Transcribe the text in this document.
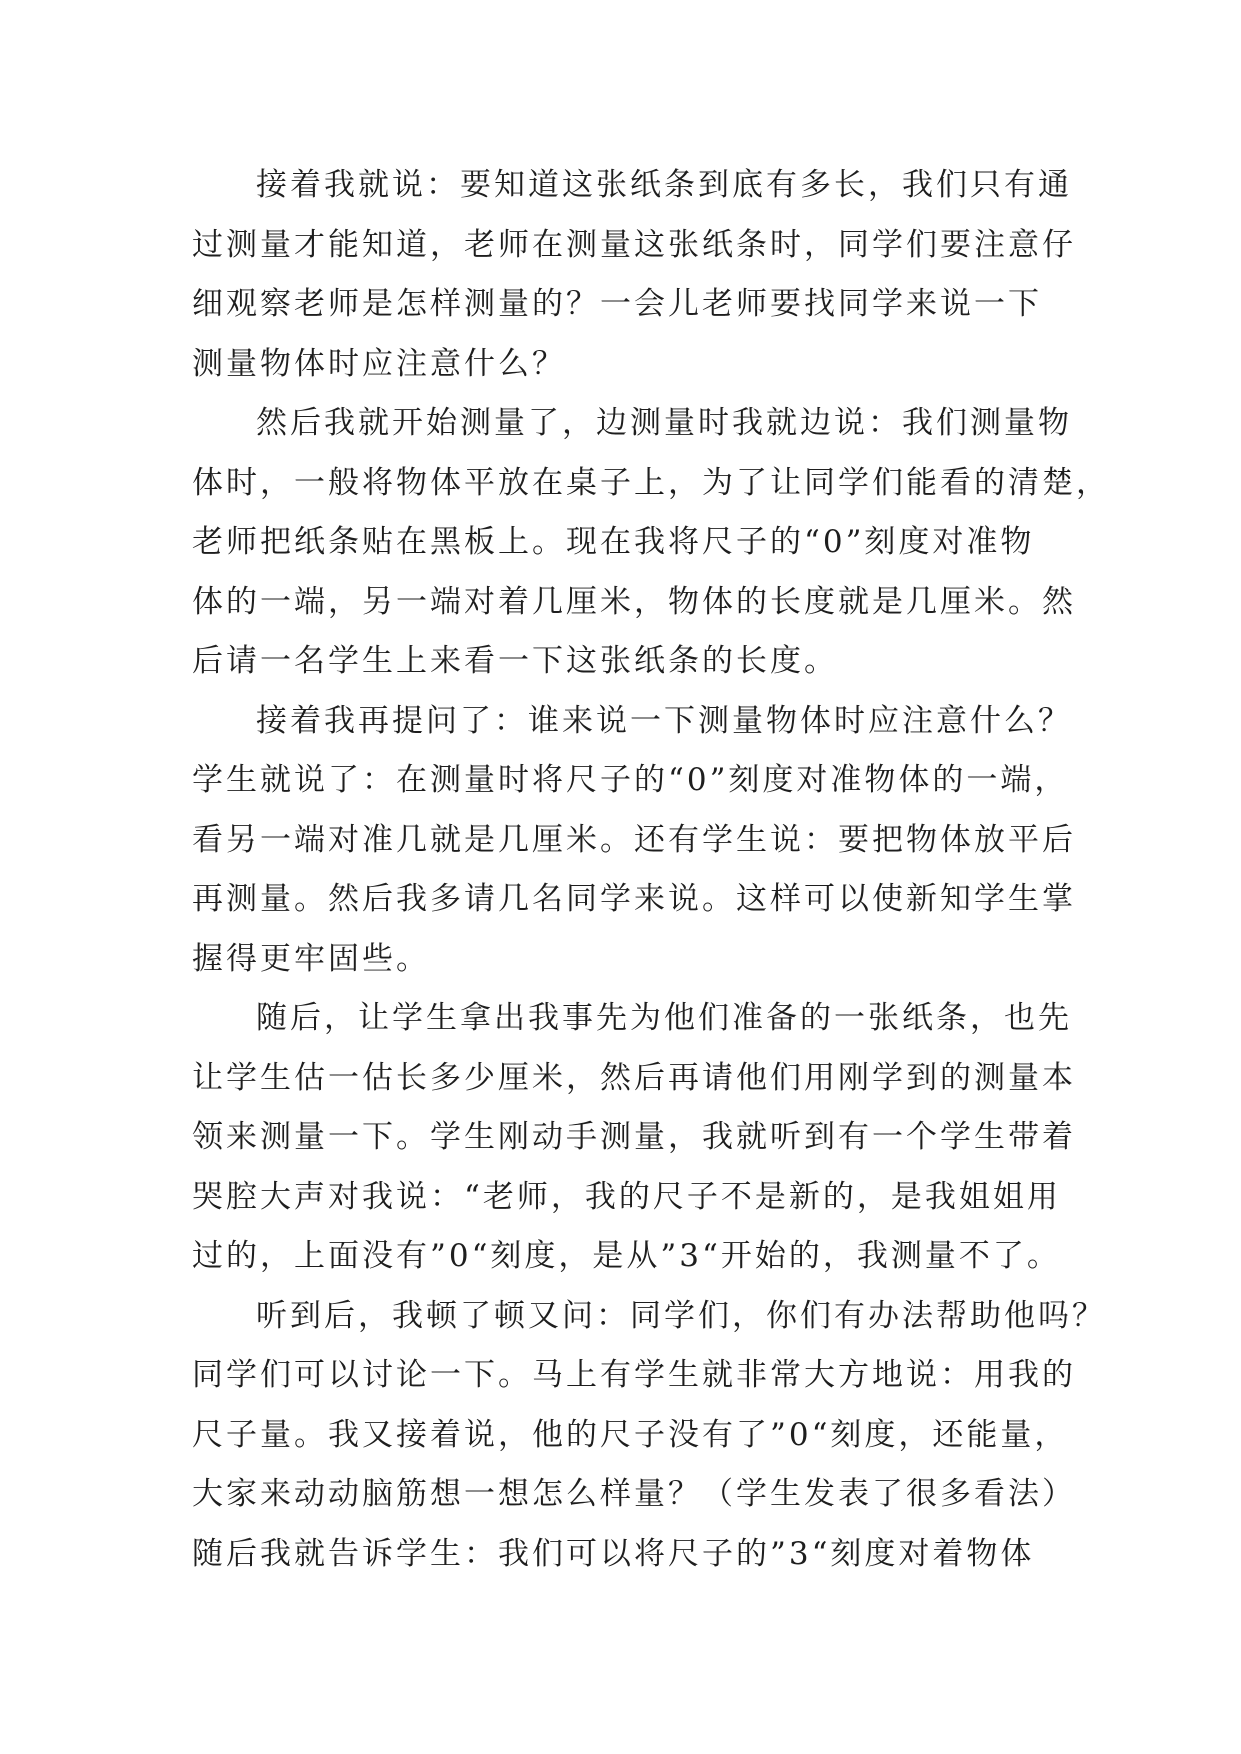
接着我就说：要知道这张纸条到底有多长，我们只有通
过测量才能知道，老师在测量这张纸条时，同学们要注意仔
细观察老师是怎样测量的？一会儿老师要找同学来说一下
测量物体时应注意什么？
然后我就开始测量了，边测量时我就边说：我们测量物
体时，一般将物体平放在桌子上，为了让同学们能看的清楚，
老师把纸条贴在黑板上。现在我将尺子的“0”刻度对准物
体的一端，另一端对着几厘米，物体的长度就是几厘米。然
后请一名学生上来看一下这张纸条的长度。
接着我再提问了：谁来说一下测量物体时应注意什么？
学生就说了：在测量时将尺子的“0”刻度对准物体的一端，
看另一端对准几就是几厘米。还有学生说：要把物体放平后
再测量。然后我多请几名同学来说。这样可以使新知学生掌
握得更牢固些。
随后，让学生拿出我事先为他们准备的一张纸条，也先
让学生估一估长多少厘米，然后再请他们用刚学到的测量本
领来测量一下。学生刚动手测量，我就听到有一个学生带着
哭腔大声对我说：“老师，我的尺子不是新的，是我姐姐用
过的，上面没有”0“刻度，是从”3“开始的，我测量不了。
听到后，我顿了顿又问：同学们，你们有办法帮助他吗？
同学们可以讨论一下。马上有学生就非常大方地说：用我的
尺子量。我又接着说，他的尺子没有了”0“刻度，还能量，
大家来动动脑筋想一想怎么样量？（学生发表了很多看法）
随后我就告诉学生：我们可以将尺子的”3“刻度对着物体
